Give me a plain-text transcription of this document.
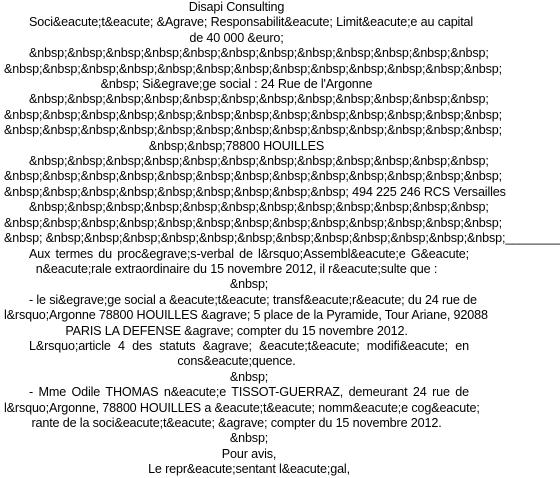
Disapi Consulting
Soci&eacute;t&eacute; &Agrave; Responsabilit&eacute; Limit&eacute;e au capital
de 40 000 &euro;
&nbsp;&nbsp;&nbsp;&nbsp;&nbsp;&nbsp;&nbsp;&nbsp;&nbsp;&nbsp;&nbsp;&nbsp;
&nbsp;&nbsp;&nbsp;&nbsp;&nbsp;&nbsp;&nbsp;&nbsp;&nbsp;&nbsp;&nbsp;&nbsp;&nbsp;
&nbsp; Si&egrave;ge social : 24 Rue de l'Argonne
&nbsp;&nbsp;&nbsp;&nbsp;&nbsp;&nbsp;&nbsp;&nbsp;&nbsp;&nbsp;&nbsp;&nbsp;
&nbsp;&nbsp;&nbsp;&nbsp;&nbsp;&nbsp;&nbsp;&nbsp;&nbsp;&nbsp;&nbsp;&nbsp;&nbsp;
&nbsp;&nbsp;&nbsp;&nbsp;&nbsp;&nbsp;&nbsp;&nbsp;&nbsp;&nbsp;&nbsp;&nbsp;&nbsp;
&nbsp;&nbsp;78800 HOUILLES
&nbsp;&nbsp;&nbsp;&nbsp;&nbsp;&nbsp;&nbsp;&nbsp;&nbsp;&nbsp;&nbsp;&nbsp;
&nbsp;&nbsp;&nbsp;&nbsp;&nbsp;&nbsp;&nbsp;&nbsp;&nbsp;&nbsp;&nbsp;&nbsp;&nbsp;
&nbsp;&nbsp;&nbsp;&nbsp;&nbsp;&nbsp;&nbsp;&nbsp;&nbsp; 494 225 246 RCS Versailles
&nbsp;&nbsp;&nbsp;&nbsp;&nbsp;&nbsp;&nbsp;&nbsp;&nbsp;&nbsp;&nbsp;&nbsp;
&nbsp;&nbsp;&nbsp;&nbsp;&nbsp;&nbsp;&nbsp;&nbsp;&nbsp;&nbsp;&nbsp;&nbsp;&nbsp;
&nbsp; &nbsp;&nbsp;&nbsp;&nbsp;&nbsp;&nbsp;&nbsp;&nbsp;&nbsp;&nbsp;&nbsp;&nbsp;________
Aux termes du proc&egrave;s-verbal de l&rsquo;Assembl&eacute;e G&eacute;
n&eacute;rale extraordinaire du 15 novembre 2012, il r&eacute;sulte que :
&nbsp;
- le si&egrave;ge social a &eacute;t&eacute; transf&eacute;r&eacute; du 24 rue de
l&rsquo;Argonne 78800 HOUILLES &agrave; 5 place de la Pyramide, Tour Ariane, 92088
PARIS LA DEFENSE &agrave; compter du 15 novembre 2012.
L&rsquo;article 4 des statuts &agrave; &eacute;t&eacute; modifi&eacute; en
cons&eacute;quence.
&nbsp;
- Mme Odile THOMAS n&eacute;e TISSOT-GUERRAZ, demeurant 24 rue de
l&rsquo;Argonne, 78800 HOUILLES a &eacute;t&eacute; nomm&eacute;e cog&eacute;
rante de la soci&eacute;t&eacute; &agrave; compter du 15 novembre 2012.
&nbsp;
Pour avis,
Le repr&eacute;sentant l&eacute;gal,
